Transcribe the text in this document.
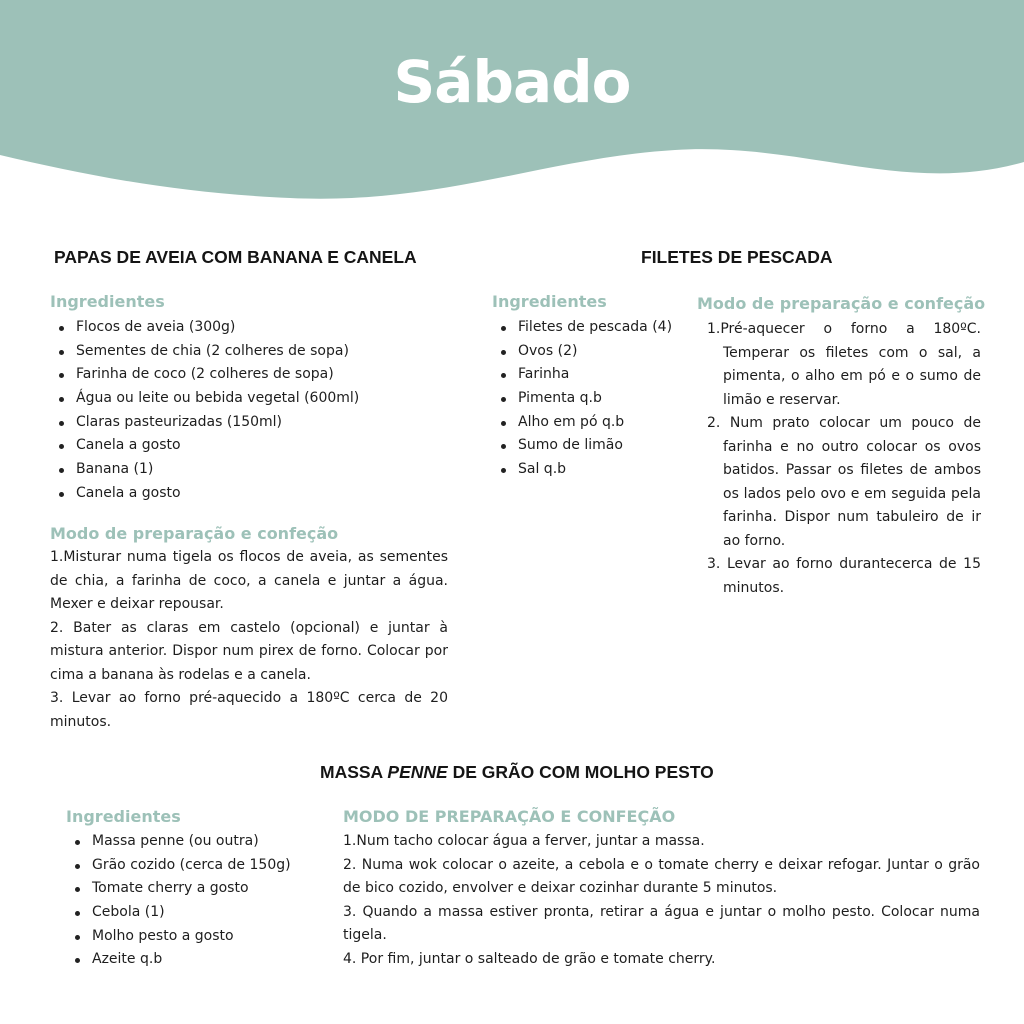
Sábado
PAPAS DE AVEIA COM BANANA E CANELA
Ingredientes
Flocos de aveia (300g)
Sementes de chia (2 colheres de sopa)
Farinha de coco (2 colheres de sopa)
Água ou leite ou bebida vegetal (600ml)
Claras pasteurizadas (150ml)
Canela a gosto
Banana (1)
Canela a gosto
Modo de preparação e confeção

1.Misturar numa tigela os flocos de aveia, as sementes de chia, a farinha de coco, a canela e juntar a água. Mexer e deixar repousar.

2. Bater as claras em castelo (opcional) e juntar à mistura anterior. Dispor num pirex de forno. Colocar por cima a banana às rodelas e a canela.

3. Levar ao forno pré-aquecido a 180ºC cerca de 20 minutos.

FILETES DE PESCADA
Ingredientes
Filetes de pescada (4)
Ovos (2)
Farinha
Pimenta q.b
Alho em pó q.b
Sumo de limão
Sal q.b
Modo de preparação e confeção

1.Pré-aquecer o forno a 180ºC. Temperar os filetes com o sal, a pimenta, o alho em pó e o sumo de limão e reservar.

2. Num prato colocar um pouco de farinha e no outro colocar os ovos batidos. Passar os filetes de ambos os lados pelo ovo e em seguida pela farinha. Dispor num tabuleiro de ir ao forno.

3. Levar ao forno durantecerca de 15 minutos.

MASSA PENNE DE GRÃO COM MOLHO PESTO
Ingredientes
Massa penne (ou outra)
Grão cozido (cerca de 150g)
Tomate cherry a gosto
Cebola (1)
Molho pesto a gosto
Azeite q.b
MODO DE PREPARAÇÃO E CONFEÇÃO

1.Num tacho colocar água a ferver, juntar a massa.

2. Numa wok colocar o azeite, a cebola e o tomate cherry e deixar refogar. Juntar o grão de bico cozido, envolver e deixar cozinhar durante 5 minutos.

3. Quando a massa estiver pronta, retirar a água e juntar o molho pesto. Colocar numa tigela.

4. Por fim, juntar o salteado de grão e tomate cherry.
